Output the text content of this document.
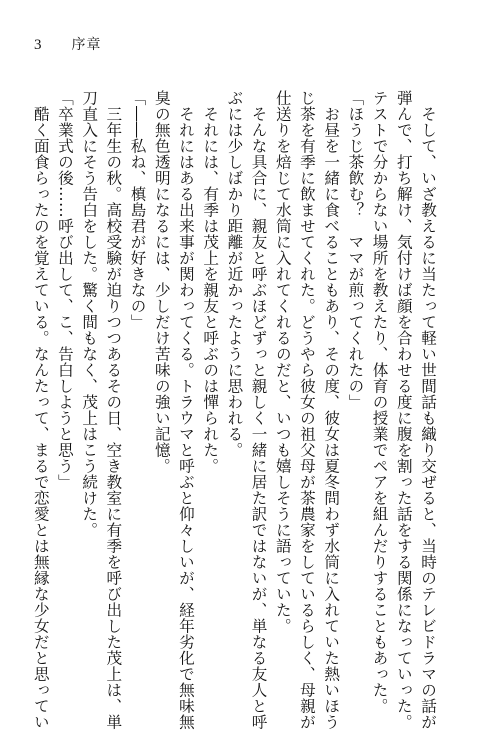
3 序章
　そして、いざ教えるに当たって軽い世間話も織り交ぜると、当時のテレビドラマの話が
弾んで、打ち解け、気付けば顔を合わせる度に腹を割った話をする関係になっていった。
テストで分からない場所を教えたり、体育の授業でペアを組んだりすることもあった。
「ほうじ茶飲む？　ママが煎ってくれたの」
　お昼を一緒に食べることもあり、その度、彼女は夏冬問わず水筒に入れていた熱いほう
じ茶を有季に飲ませてくれた。どうやら彼女の祖父母が茶農家をしているらしく、母親が
仕送りを焙じて水筒に入れてくれるのだと、いつも嬉しそうに語っていた。
　そんな具合に、親友と呼ぶほどずっと親しく一緒に居た訳ではないが、単なる友人と呼
ぶには少しばかり距離が近かったように思われる。
　それには、有季は茂上を親友と呼ぶのは憚られた。
　それにはある出来事が関わってくる。トラウマと呼ぶと仰々しいが、経年劣化で無味無
臭の無色透明になるには、少しだけ苦味の強い記憶。
「――私ね、槙島君が好きなの」
　三年生の秋。高校受験が迫りつつあるその日、空き教室に有季を呼び出した茂上は、単
刀直入にそう告白をした。驚く間もなく、茂上はこう続けた。
「卒業式の後……呼び出して、こ、告白しようと思う」
　酷く面食らったのを覚えている。なんたって、まるで恋愛とは無縁な少女だと思ってい
